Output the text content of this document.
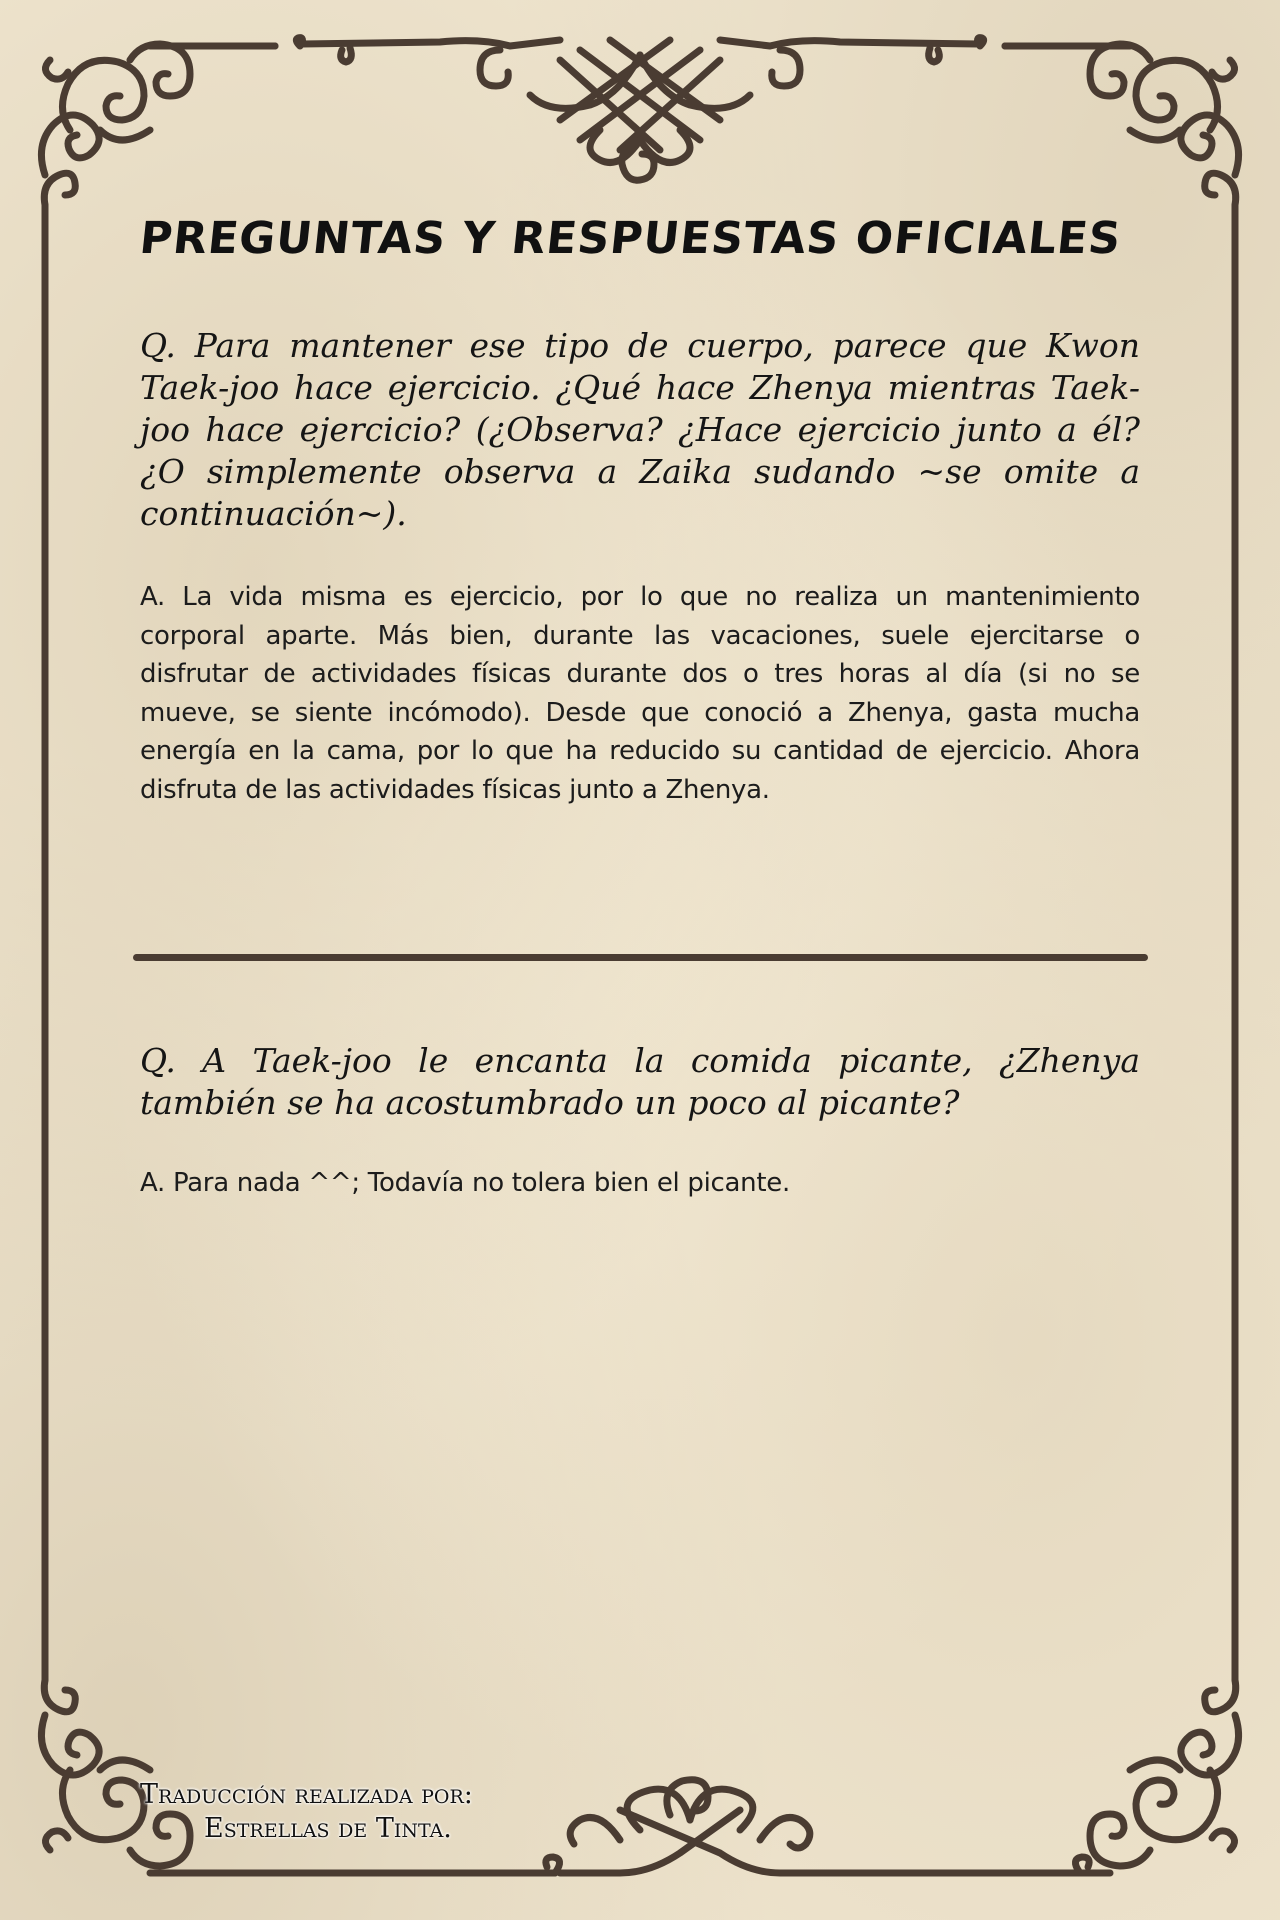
PREGUNTAS Y RESPUESTAS OFICIALES
Q. Para mantener ese tipo de cuerpo, parece que Kwon Taek-joo hace ejercicio. ¿Qué hace Zhenya mientras Taek-joo hace ejercicio? (¿Observa? ¿Hace ejercicio junto a él? ¿O simplemente observa a Zaika sudando ~se omite a continuación~).
A. La vida misma es ejercicio, por lo que no realiza un mantenimiento corporal aparte. Más bien, durante las vacaciones, suele ejercitarse o disfrutar de actividades físicas durante dos o tres horas al día (si no se mueve, se siente incómodo). Desde que conoció a Zhenya, gasta mucha energía en la cama, por lo que ha reducido su cantidad de ejercicio. Ahora disfruta de las actividades físicas junto a Zhenya.
Q. A Taek-joo le encanta la comida picante, ¿Zhenya también se ha acostumbrado un poco al picante?
A. Para nada ^^; Todavía no tolera bien el picante.
Traducción realizada por:
Estrellas de Tinta.
